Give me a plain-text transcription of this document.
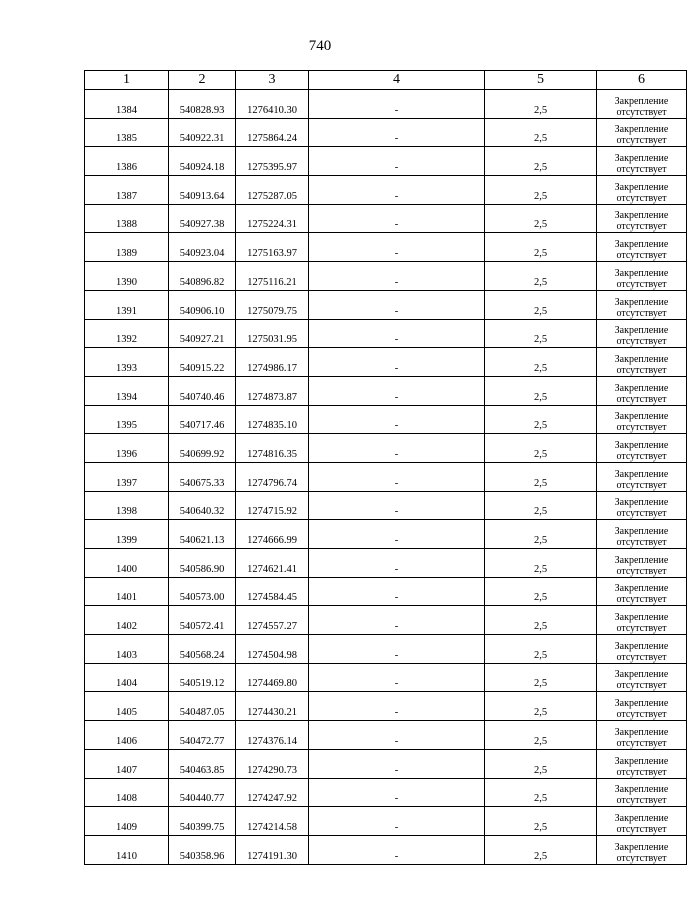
740
1	2	3	4	5	6
1384	540828.93	1276410.30	-	2,5	Закрепление
отсутствует

1385	540922.31	1275864.24	-	2,5	Закрепление
отсутствует

1386	540924.18	1275395.97	-	2,5	Закрепление
отсутствует

1387	540913.64	1275287.05	-	2,5	Закрепление
отсутствует

1388	540927.38	1275224.31	-	2,5	Закрепление
отсутствует

1389	540923.04	1275163.97	-	2,5	Закрепление
отсутствует

1390	540896.82	1275116.21	-	2,5	Закрепление
отсутствует

1391	540906.10	1275079.75	-	2,5	Закрепление
отсутствует

1392	540927.21	1275031.95	-	2,5	Закрепление
отсутствует

1393	540915.22	1274986.17	-	2,5	Закрепление
отсутствует

1394	540740.46	1274873.87	-	2,5	Закрепление
отсутствует

1395	540717.46	1274835.10	-	2,5	Закрепление
отсутствует

1396	540699.92	1274816.35	-	2,5	Закрепление
отсутствует

1397	540675.33	1274796.74	-	2,5	Закрепление
отсутствует

1398	540640.32	1274715.92	-	2,5	Закрепление
отсутствует

1399	540621.13	1274666.99	-	2,5	Закрепление
отсутствует

1400	540586.90	1274621.41	-	2,5	Закрепление
отсутствует

1401	540573.00	1274584.45	-	2,5	Закрепление
отсутствует

1402	540572.41	1274557.27	-	2,5	Закрепление
отсутствует

1403	540568.24	1274504.98	-	2,5	Закрепление
отсутствует

1404	540519.12	1274469.80	-	2,5	Закрепление
отсутствует

1405	540487.05	1274430.21	-	2,5	Закрепление
отсутствует

1406	540472.77	1274376.14	-	2,5	Закрепление
отсутствует

1407	540463.85	1274290.73	-	2,5	Закрепление
отсутствует

1408	540440.77	1274247.92	-	2,5	Закрепление
отсутствует

1409	540399.75	1274214.58	-	2,5	Закрепление
отсутствует

1410	540358.96	1274191.30	-	2,5	Закрепление
отсутствует
